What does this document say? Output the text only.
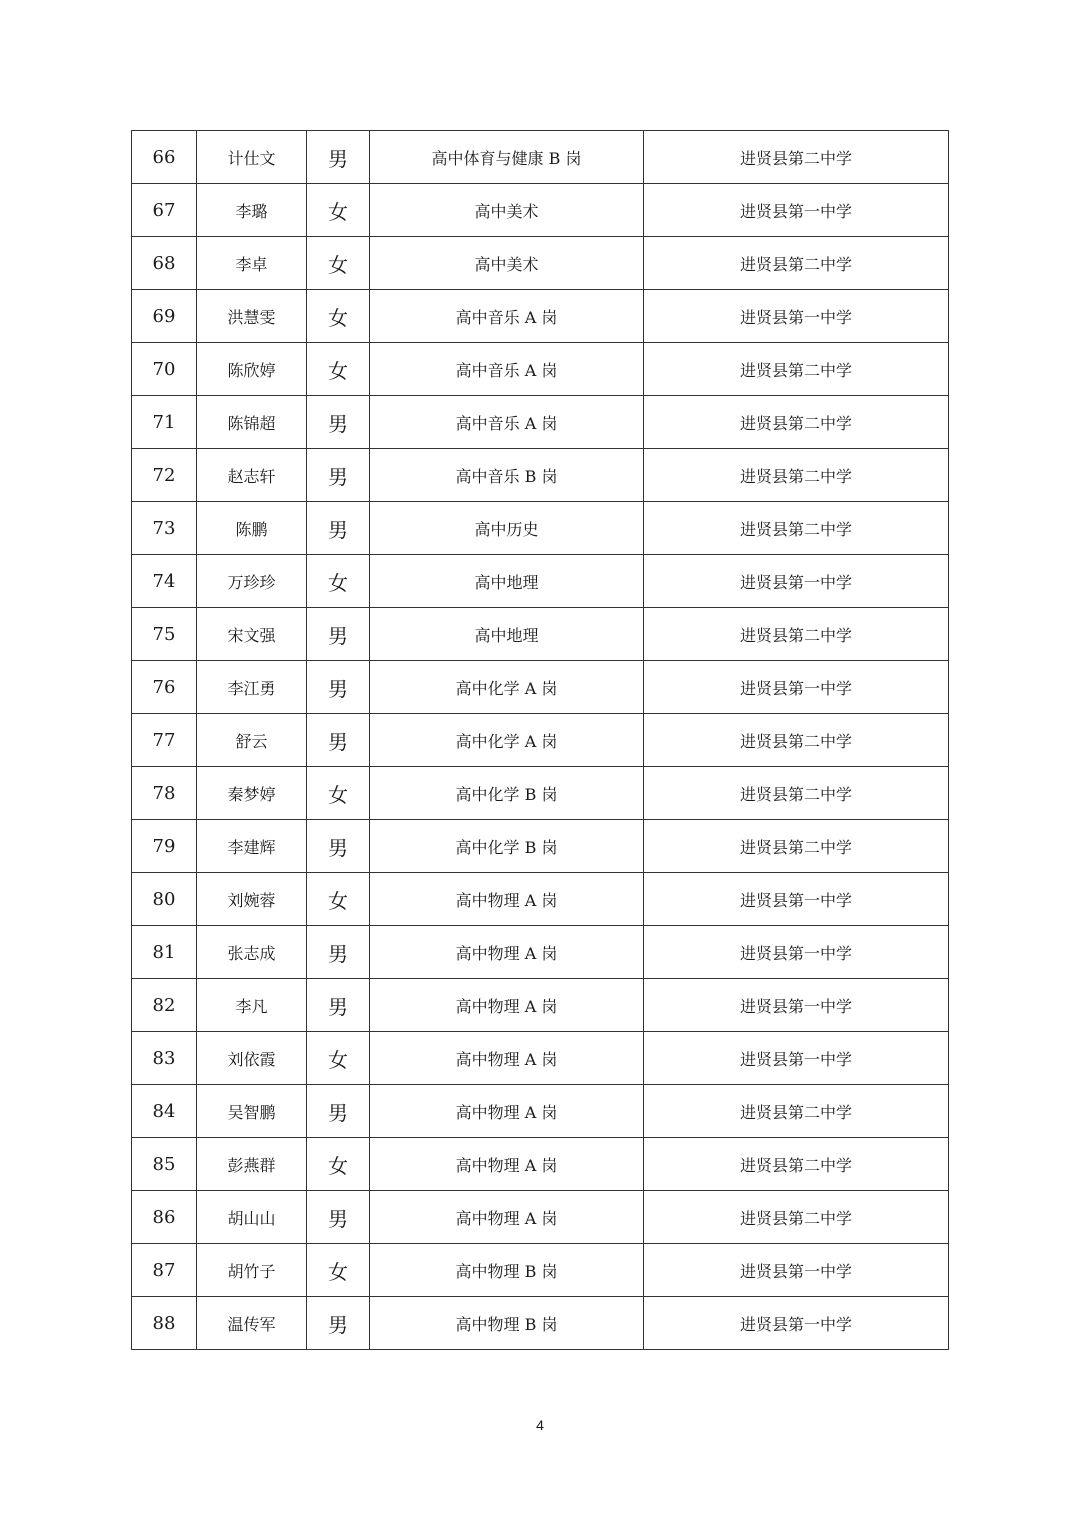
66	计仕文	男	高中体育与健康 B 岗	进贤县第二中学
67	李璐	女	高中美术	进贤县第一中学
68	李卓	女	高中美术	进贤县第二中学
69	洪慧雯	女	高中音乐 A 岗	进贤县第一中学
70	陈欣婷	女	高中音乐 A 岗	进贤县第二中学
71	陈锦超	男	高中音乐 A 岗	进贤县第二中学
72	赵志轩	男	高中音乐 B 岗	进贤县第二中学
73	陈鹏	男	高中历史	进贤县第二中学
74	万珍珍	女	高中地理	进贤县第一中学
75	宋文强	男	高中地理	进贤县第二中学
76	李江勇	男	高中化学 A 岗	进贤县第一中学
77	舒云	男	高中化学 A 岗	进贤县第二中学
78	秦梦婷	女	高中化学 B 岗	进贤县第二中学
79	李建辉	男	高中化学 B 岗	进贤县第二中学
80	刘婉蓉	女	高中物理 A 岗	进贤县第一中学
81	张志成	男	高中物理 A 岗	进贤县第一中学
82	李凡	男	高中物理 A 岗	进贤县第一中学
83	刘依霞	女	高中物理 A 岗	进贤县第一中学
84	吴智鹏	男	高中物理 A 岗	进贤县第二中学
85	彭燕群	女	高中物理 A 岗	进贤县第二中学
86	胡山山	男	高中物理 A 岗	进贤县第二中学
87	胡竹子	女	高中物理 B 岗	进贤县第一中学
88	温传军	男	高中物理 B 岗	进贤县第一中学
4
